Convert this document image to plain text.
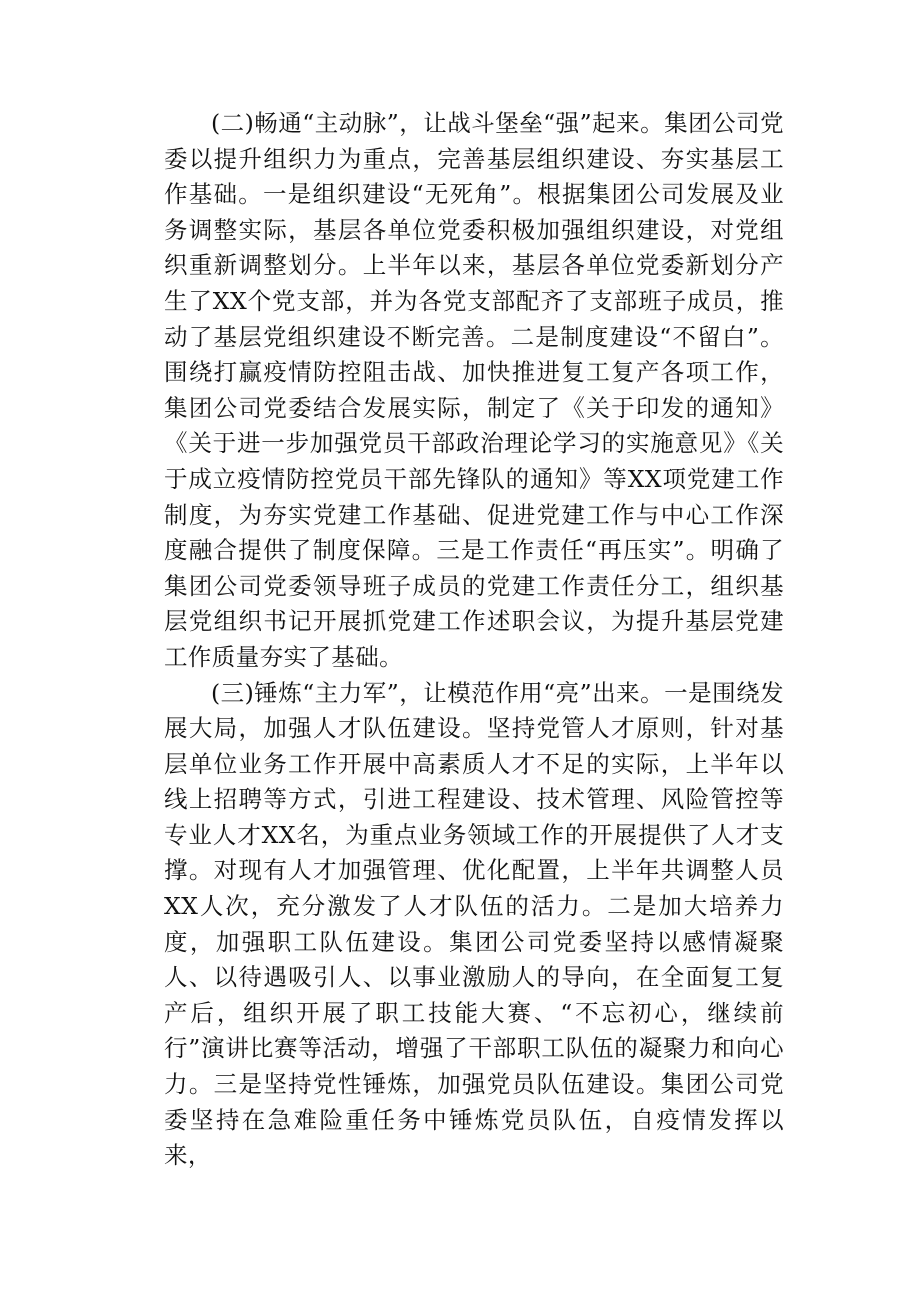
(二)畅通“主动脉”，让战斗堡垒“强”起来。集团公司党委以提升组织力为重点，完善基层组织建设、夯实基层工作基础。一是组织建设“无死角”。根据集团公司发展及业务调整实际，基层各单位党委积极加强组织建设，对党组织重新调整划分。上半年以来，基层各单位党委新划分产生了XX个党支部，并为各党支部配齐了支部班子成员，推动了基层党组织建设不断完善。二是制度建设“不留白”。围绕打赢疫情防控阻击战、加快推进复工复产各项工作，集团公司党委结合发展实际，制定了《关于印发的通知》《关于进一步加强党员干部政治理论学习的实施意见》《关于成立疫情防控党员干部先锋队的通知》等XX项党建工作制度，为夯实党建工作基础、促进党建工作与中心工作深度融合提供了制度保障。三是工作责任“再压实”。明确了集团公司党委领导班子成员的党建工作责任分工，组织基层党组织书记开展抓党建工作述职会议，为提升基层党建工作质量夯实了基础。

(三)锤炼“主力军”，让模范作用“亮”出来。一是围绕发展大局，加强人才队伍建设。坚持党管人才原则，针对基层单位业务工作开展中高素质人才不足的实际，上半年以线上招聘等方式，引进工程建设、技术管理、风险管控等专业人才XX名，为重点业务领域工作的开展提供了人才支撑。对现有人才加强管理、优化配置，上半年共调整人员XX人次，充分激发了人才队伍的活力。二是加大培养力度，加强职工队伍建设。集团公司党委坚持以感情凝聚人、以待遇吸引人、以事业激励人的导向，在全面复工复产后，组织开展了职工技能大赛、“不忘初心，继续前行”演讲比赛等活动，增强了干部职工队伍的凝聚力和向心力。三是坚持党性锤炼，加强党员队伍建设。集团公司党委坚持在急难险重任务中锤炼党员队伍，自疫情发挥以来，
